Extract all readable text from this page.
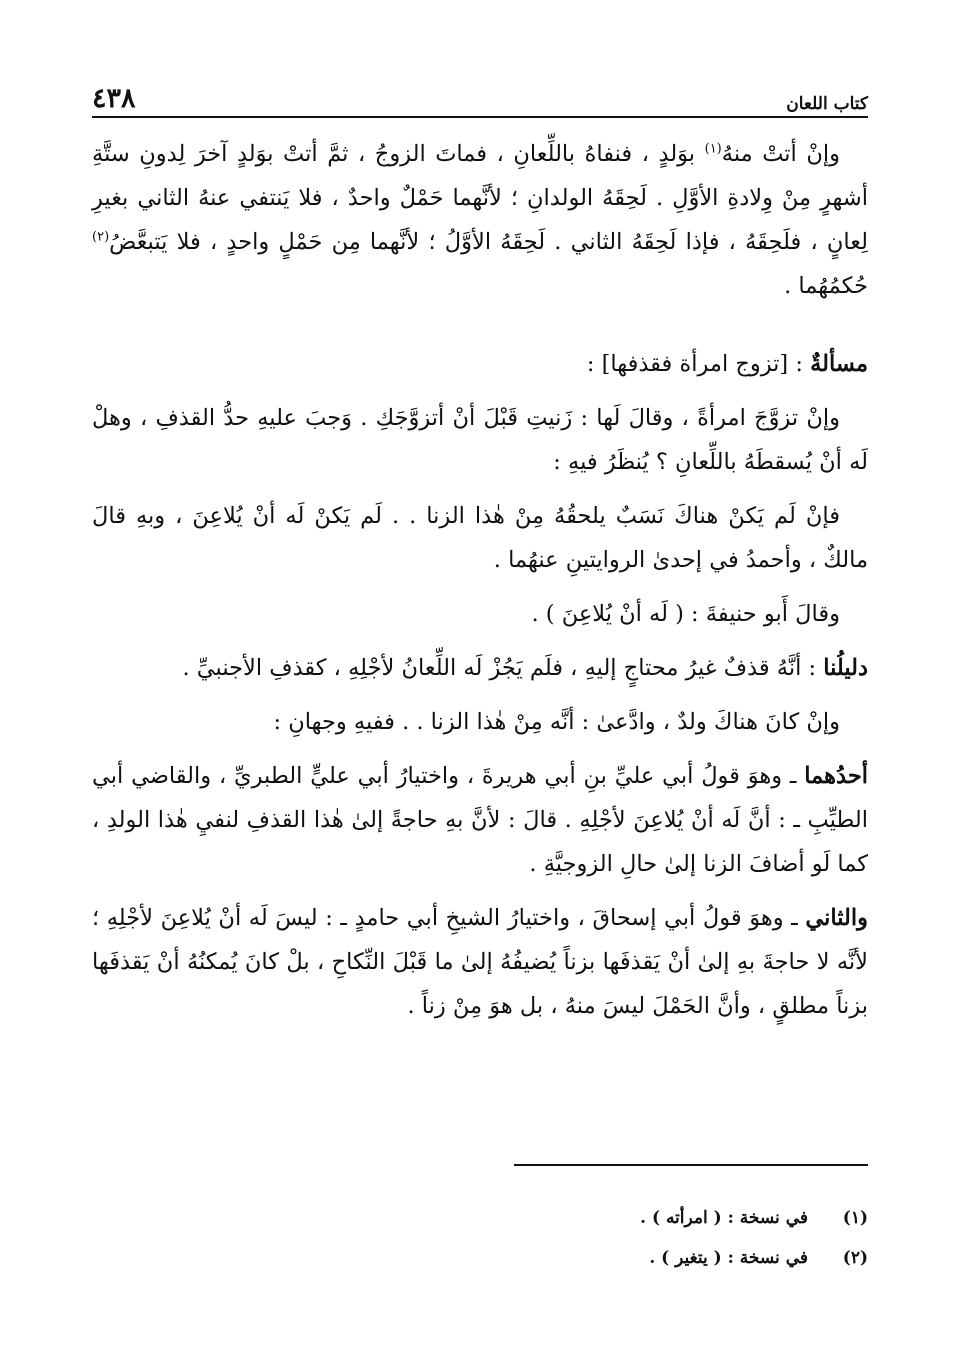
كتاب اللعان
٤٣٨

وإنْ أتتْ منهُ$^{(١)}$ بوَلدٍ ، فنفاهُ باللِّعانِ ، فماتَ الزوجُ ، ثمَّ أتتْ بوَلدٍ آخرَ لِدونِ ستَّةِ أشهرٍ مِنْ وِلادةِ الأوَّلِ . لَحِقَهُ الولدانِ ؛ لأنَّهما حَمْلٌ واحدٌ ، فلا يَنتفي عنهُ الثاني بغيرِ لِعانٍ ، فلَحِقَهُ ، فإذا لَحِقَهُ الثاني . لَحِقَهُ الأوَّلُ ؛ لأنَّهما مِن حَمْلٍ واحدٍ ، فلا يَتبعَّضُ$^{(٢)}$ حُكمُهُما .

مسألةٌ : [تزوج امرأة فقذفها] :

وإنْ تزوَّجَ امرأةً ، وقالَ لَها : زَنيتِ قَبْلَ أنْ أتزوَّجَكِ . وَجبَ عليهِ حدُّ القذفِ ، وهلْ لَه أنْ يُسقطَهُ باللِّعانِ ؟ يُنظَرُ فيهِ :

فإنْ لَم يَكنْ هناكَ نَسَبٌ يلحقُهُ مِنْ هٰذا الزنا . . لَم يَكنْ لَه أنْ يُلاعِنَ ، وبهِ قالَ مالكٌ ، وأحمدُ في إحدىٰ الروايتينِ عنهُما .

وقالَ أَبو حنيفةَ : ( لَه أنْ يُلاعِنَ ) .

دليلُنا : أنَّهُ قذفٌ غيرُ محتاجٍ إليهِ ، فلَم يَجُزْ لَه اللِّعانُ لأجْلِهِ ، كقذفِ الأجنبيِّ .

وإنْ كانَ هناكَ ولدٌ ، وادَّعىٰ : أنَّه مِنْ هٰذا الزنا . . ففيهِ وجهانِ :

أحدُهما ـ وهوَ قولُ أبي عليِّ بنِ أبي هريرةَ ، واختيارُ أبي عليٍّ الطبريِّ ، والقاضي أبي الطيِّبِ ـ : أنَّ لَه أنْ يُلاعِنَ لأجْلِهِ . قالَ : لأنَّ بهِ حاجةً إلىٰ هٰذا القذفِ لنفيِ هٰذا الولدِ ، كما لَو أضافَ الزنا إلىٰ حالِ الزوجيَّةِ .

والثاني ـ وهوَ قولُ أبي إسحاقَ ، واختيارُ الشيخِ أبي حامدٍ ـ : ليسَ لَه أنْ يُلاعِنَ لأجْلِهِ ؛ لأنَّه لا حاجةَ بهِ إلىٰ أنْ يَقذفَها بزناً يُضيفُهُ إلىٰ ما قَبْلَ النِّكاحِ ، بلْ كانَ يُمكنُهُ أنْ يَقذفَها بزناً مطلقٍ ، وأنَّ الحَمْلَ ليسَ منهُ ، بل هوَ مِنْ زناً .

(١)
في نسخة : ( امرأته ) .
(٢)
في نسخة : ( يتغير ) .
